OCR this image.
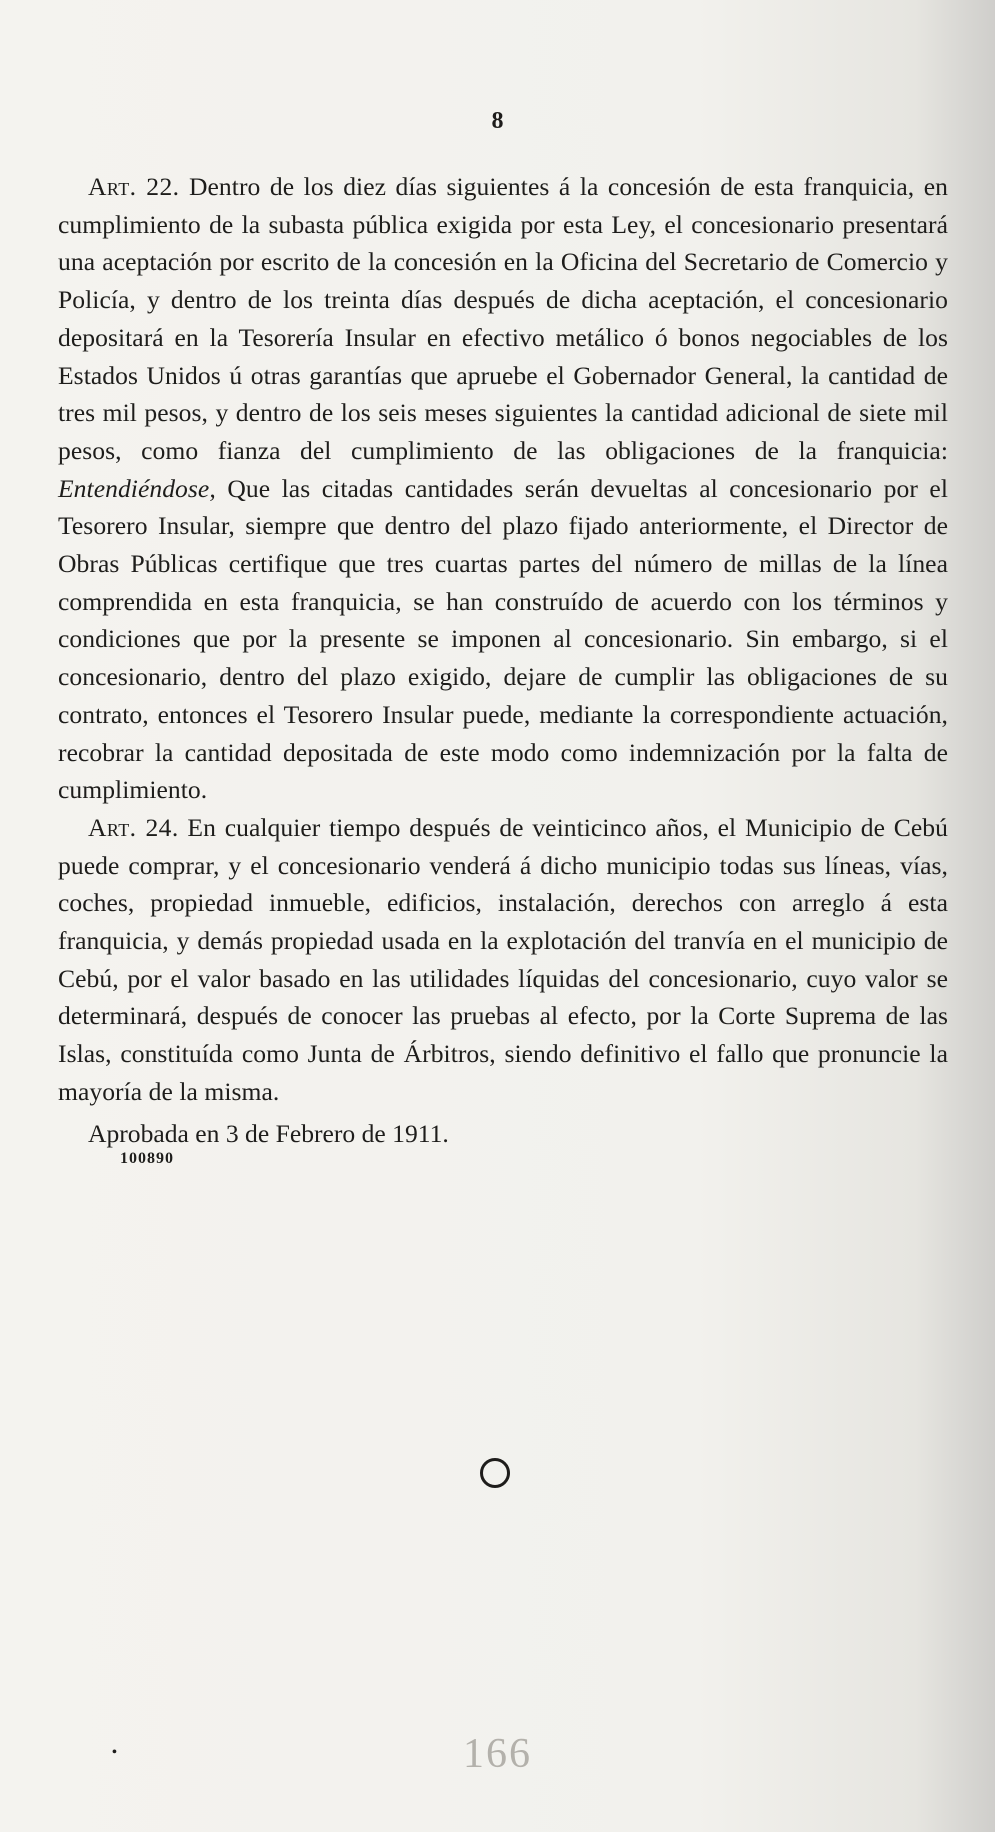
8

Art. 22. Dentro de los diez días siguientes á la concesión de esta franquicia, en cumplimiento de la subasta pública exigida por esta Ley, el concesionario presentará una aceptación por escrito de la concesión en la Oficina del Secretario de Comercio y Policía, y dentro de los treinta días después de dicha aceptación, el concesionario depositará en la Tesorería Insular en efectivo metálico ó bonos negociables de los Estados Unidos ú otras garantías que apruebe el Gobernador General, la cantidad de tres mil pesos, y dentro de los seis meses siguientes la cantidad adicional de siete mil pesos, como fianza del cumplimiento de las obligaciones de la franquicia: Entendiéndose, Que las citadas cantidades serán devueltas al concesionario por el Tesorero Insular, siempre que dentro del plazo fijado anteriormente, el Director de Obras Públicas certifique que tres cuartas partes del número de millas de la línea comprendida en esta franquicia, se han construído de acuerdo con los términos y condiciones que por la presente se imponen al concesionario. Sin embargo, si el concesionario, dentro del plazo exigido, dejare de cumplir las obligaciones de su contrato, entonces el Tesorero Insular puede, mediante la correspondiente actuación, recobrar la cantidad depositada de este modo como indemnización por la falta de cumplimiento.

Art. 24. En cualquier tiempo después de veinticinco años, el Municipio de Cebú puede comprar, y el concesionario venderá á dicho municipio todas sus líneas, vías, coches, propiedad inmueble, edificios, instalación, derechos con arreglo á esta franquicia, y demás propiedad usada en la explotación del tranvía en el municipio de Cebú, por el valor basado en las utilidades líquidas del concesionario, cuyo valor se determinará, después de conocer las pruebas al efecto, por la Corte Suprema de las Islas, constituída como Junta de Árbitros, siendo definitivo el fallo que pronuncie la mayoría de la misma.

Aprobada en 3 de Febrero de 1911.

100890
•	166
